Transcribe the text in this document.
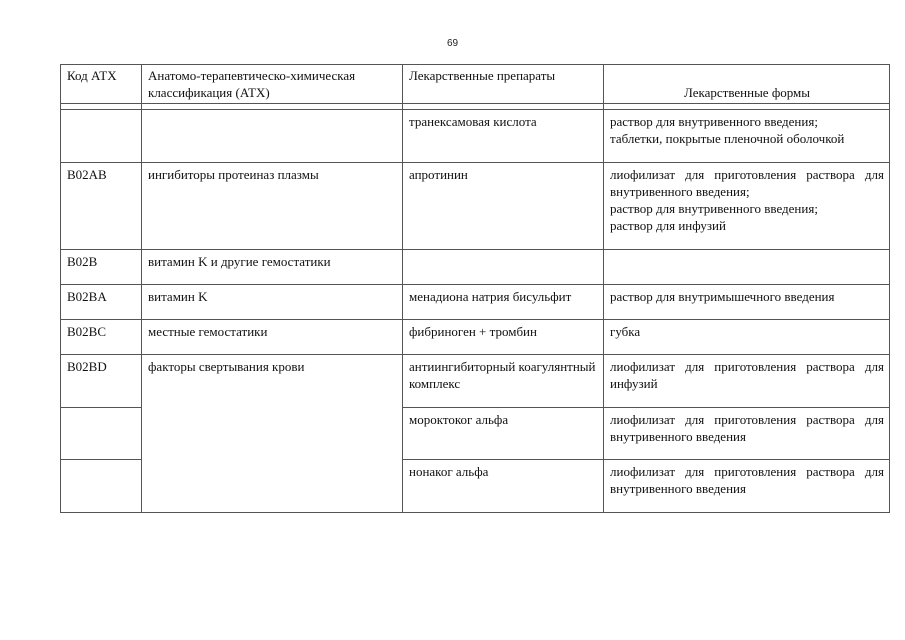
69
Код АТХ	Анатомо-терапевтическо-химическая классификация (АТХ)	Лекарственные препараты	Лекарственные формы

		транексамовая кислота	раствор для внутривенного введения;
таблетки, покрытые пленочной оболочкой

B02AB	ингибиторы протеиназ плазмы	апротинин	лиофилизат для приготовления раствора для внутривенного введения;
раствор для внутривенного введения;
раствор для инфузий

B02B	витамин K и другие гемостатики		
B02BA	витамин K	менадиона натрия бисульфит	раствор для внутримышечного введения

B02BC	местные гемостатики	фибриноген + тромбин	губка

B02BD	факторы свертывания крови	антиингибиторный коагулянтный комплекс	лиофилизат для приготовления раствора для инфузий
		мороктоког альфа	лиофилизат для приготовления раствора для внутривенного введения
		нонаког альфа	лиофилизат для приготовления раствора для внутривенного введения
